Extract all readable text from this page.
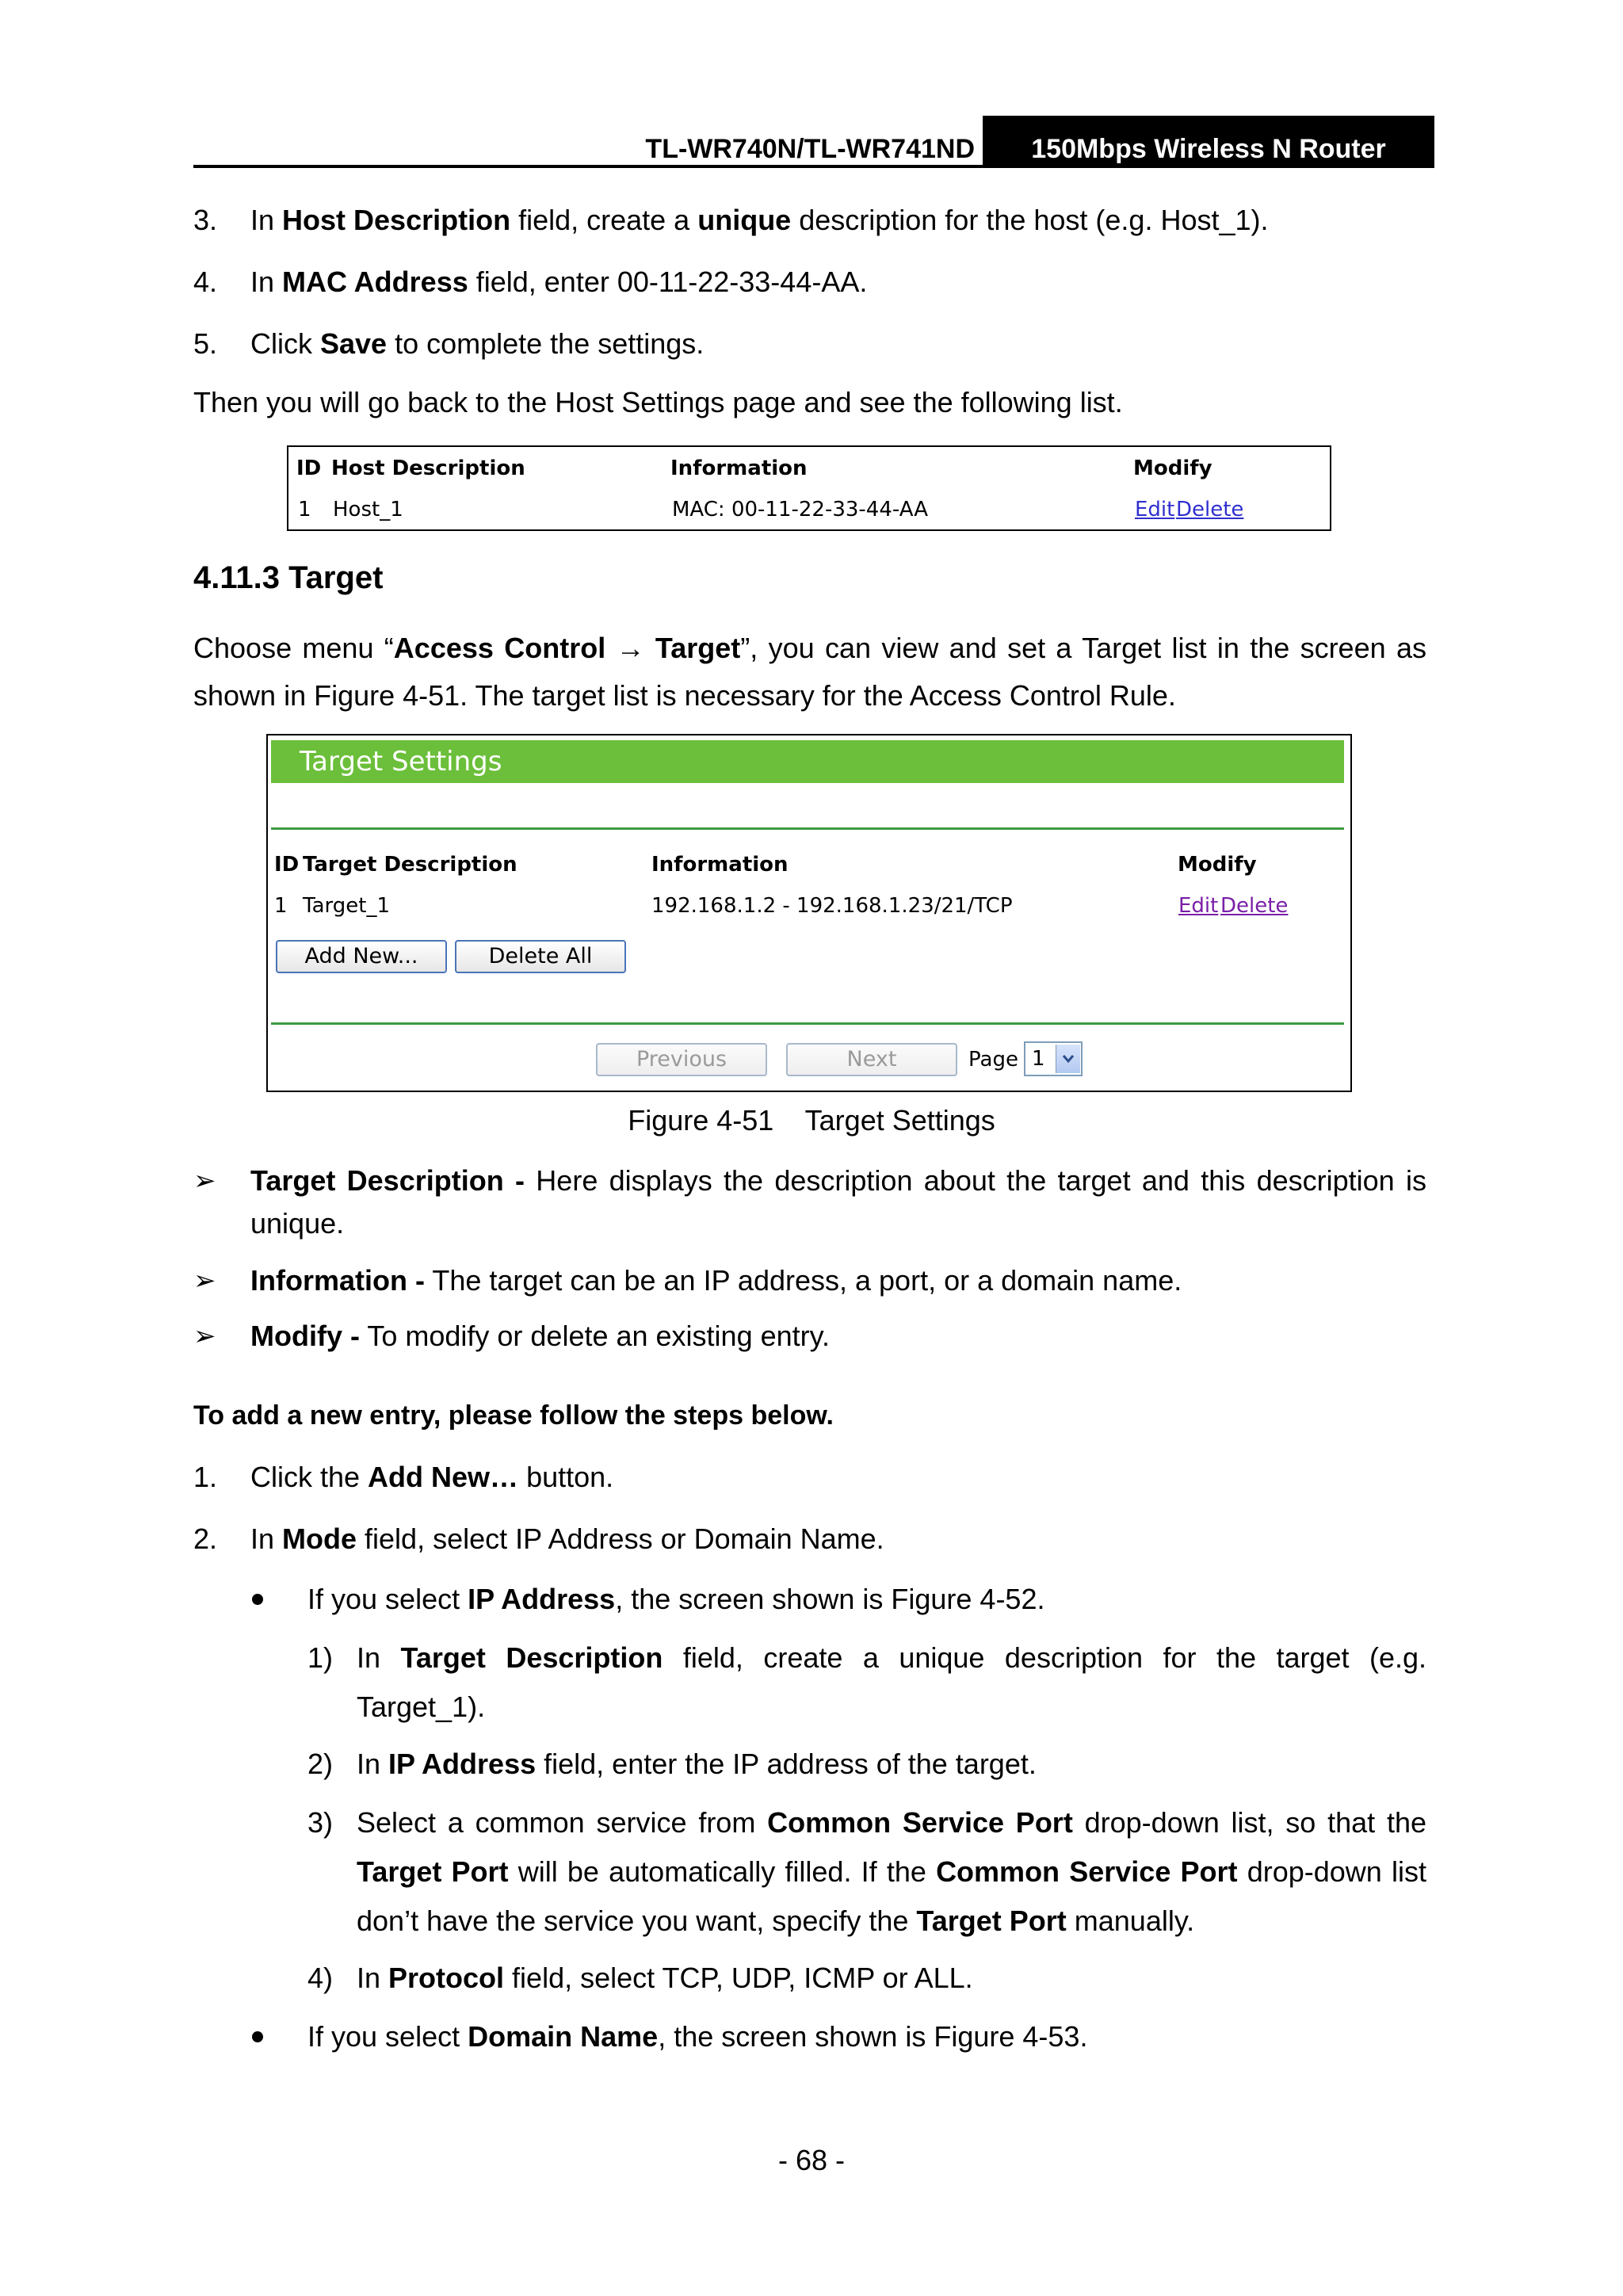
TL-WR740N/TL-WR741ND	150Mbps Wireless N Router
3. In Host Description field, create a unique description for the host (e.g. Host_1).
4. In MAC Address field, enter 00-11-22-33-44-AA.
5. Click Save to complete the settings.
Then you will go back to the Host Settings page and see the following list.
ID Host Description	Information	Modify
1 Host_1	MAC: 00-11-22-33-44-AA	Edit Delete
4.11.3 Target
Choose menu “Access Control → Target”, you can view and set a Target list in the screen as
shown in Figure 4-51. The target list is necessary for the Access Control Rule.
Target Settings
ID Target Description	Information	Modify
1 Target_1	192.168.1.2 - 192.168.1.23/21/TCP	Edit Delete
Add New...	Delete All
Previous	Next	Page 1
Figure 4-51    Target Settings
➢ Target Description - Here displays the description about the target and this description is
unique.
➢ Information - The target can be an IP address, a port, or a domain name.
➢ Modify - To modify or delete an existing entry.
To add a new entry, please follow the steps below.
1. Click the Add New… button.
2. In Mode field, select IP Address or Domain Name.
If you select IP Address, the screen shown is Figure 4-52.
1) In Target Description field, create a unique description for the target (e.g.
Target_1).
2) In IP Address field, enter the IP address of the target.
3) Select a common service from Common Service Port drop-down list, so that the
Target Port will be automatically filled. If the Common Service Port drop-down list
don’t have the service you want, specify the Target Port manually.
4) In Protocol field, select TCP, UDP, ICMP or ALL.
If you select Domain Name, the screen shown is Figure 4-53.
- 68 -
